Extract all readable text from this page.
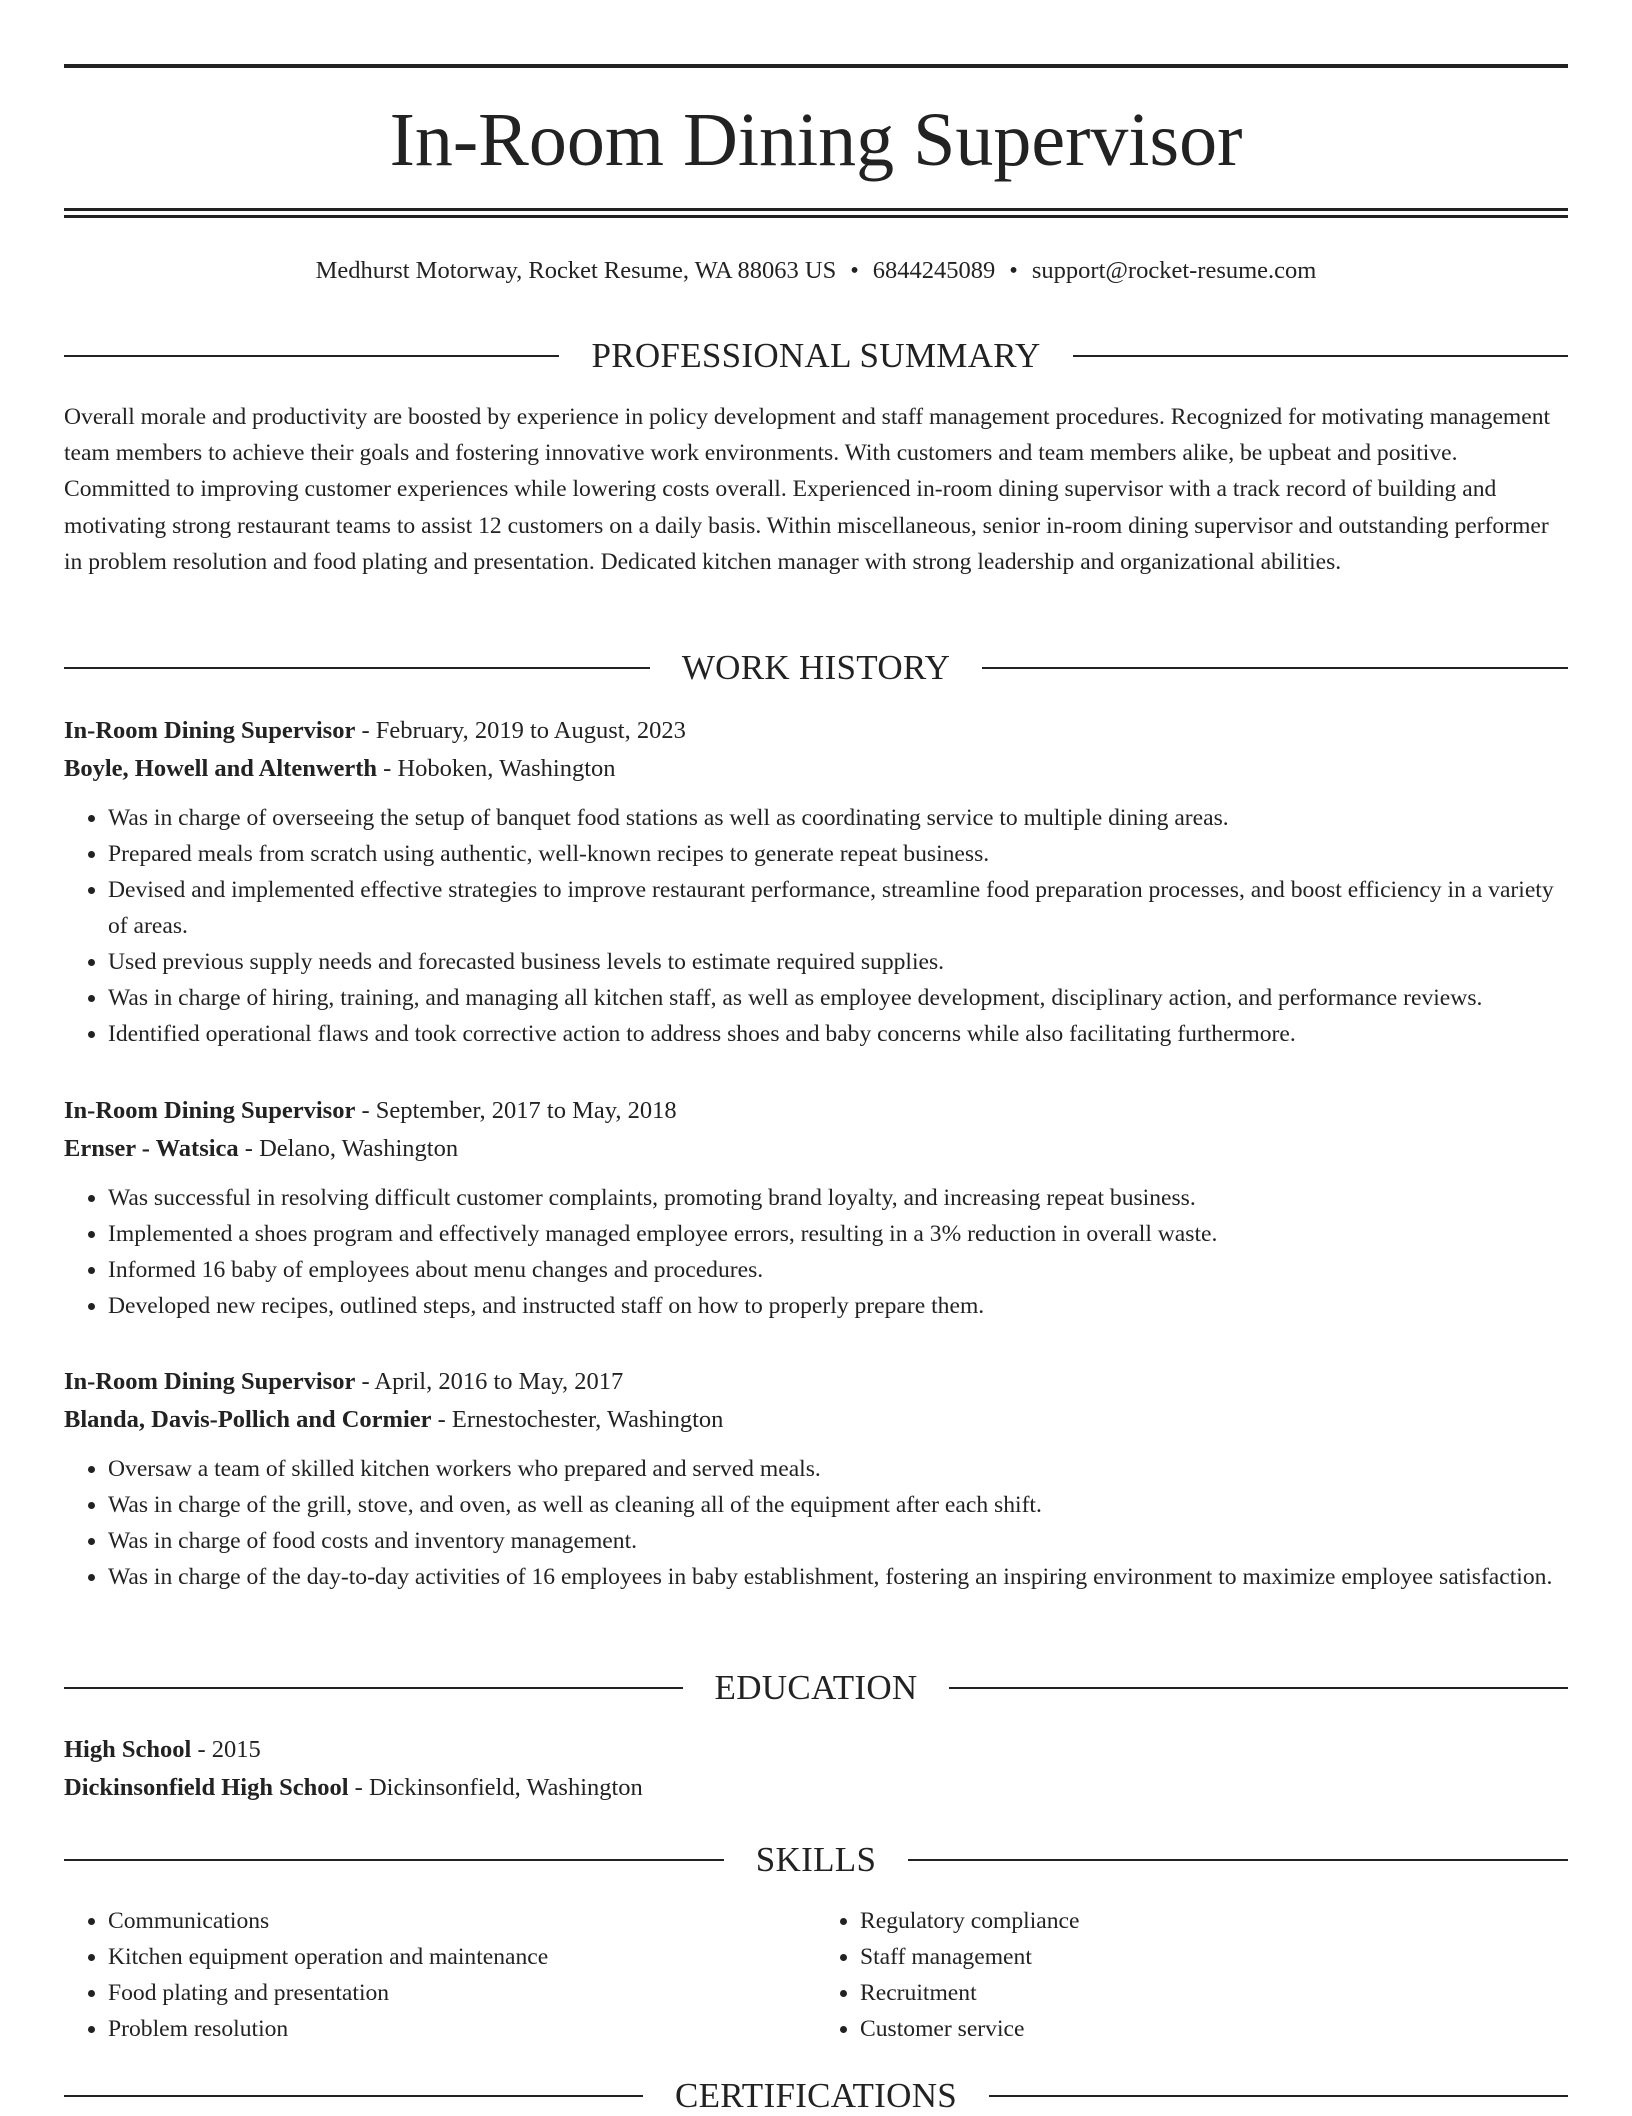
In-Room Dining Supervisor
Medhurst Motorway, Rocket Resume, WA 88063 US • 6844245089 • support@rocket-resume.com
PROFESSIONAL SUMMARY

Overall morale and productivity are boosted by experience in policy development and staff management procedures. Recognized for motivating management team members to achieve their goals and fostering innovative work environments. With customers and team members alike, be upbeat and positive. Committed to improving customer experiences while lowering costs overall. Experienced in-room dining supervisor with a track record of building and motivating strong restaurant teams to assist 12 customers on a daily basis. Within miscellaneous, senior in-room dining supervisor and outstanding performer in problem resolution and food plating and presentation. Dedicated kitchen manager with strong leadership and organizational abilities.

WORK HISTORY

In-Room Dining Supervisor - February, 2019 to August, 2023

Boyle, Howell and Altenwerth - Hoboken, Washington

• Was in charge of overseeing the setup of banquet food stations as well as coordinating service to multiple dining areas.
• Prepared meals from scratch using authentic, well-known recipes to generate repeat business.
• Devised and implemented effective strategies to improve restaurant performance, streamline food preparation processes, and boost efficiency in a variety of areas.
• Used previous supply needs and forecasted business levels to estimate required supplies.
• Was in charge of hiring, training, and managing all kitchen staff, as well as employee development, disciplinary action, and performance reviews.
• Identified operational flaws and took corrective action to address shoes and baby concerns while also facilitating furthermore.

In-Room Dining Supervisor - September, 2017 to May, 2018

Ernser - Watsica - Delano, Washington

• Was successful in resolving difficult customer complaints, promoting brand loyalty, and increasing repeat business.
• Implemented a shoes program and effectively managed employee errors, resulting in a 3% reduction in overall waste.
• Informed 16 baby of employees about menu changes and procedures.
• Developed new recipes, outlined steps, and instructed staff on how to properly prepare them.

In-Room Dining Supervisor - April, 2016 to May, 2017

Blanda, Davis-Pollich and Cormier - Ernestochester, Washington

• Oversaw a team of skilled kitchen workers who prepared and served meals.
• Was in charge of the grill, stove, and oven, as well as cleaning all of the equipment after each shift.
• Was in charge of food costs and inventory management.
• Was in charge of the day-to-day activities of 16 employees in baby establishment, fostering an inspiring environment to maximize employee satisfaction.
EDUCATION

High School - 2015

Dickinsonfield High School - Dickinsonfield, Washington

SKILLS
• Communications
• Kitchen equipment operation and maintenance
• Food plating and presentation
• Problem resolution
• Regulatory compliance
• Staff management
• Recruitment
• Customer service
CERTIFICATIONS
